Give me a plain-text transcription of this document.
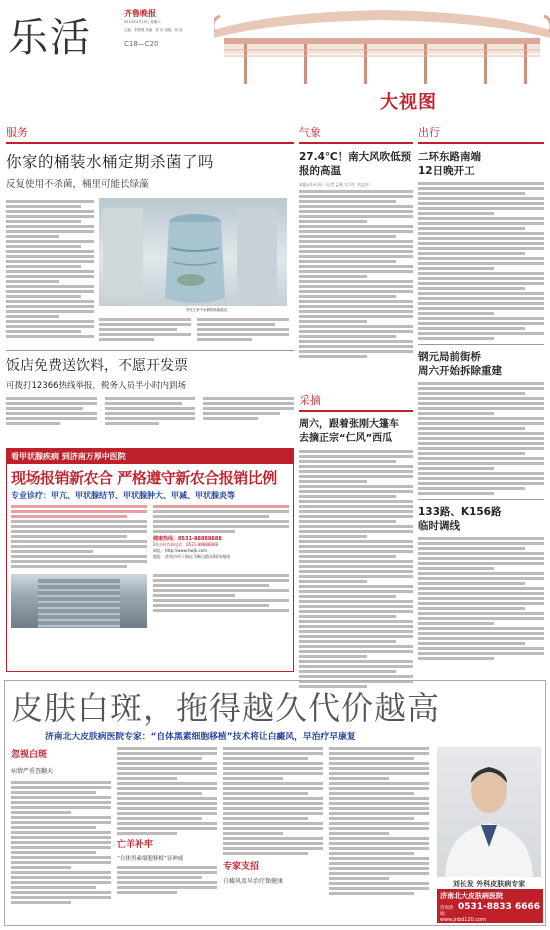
乐活
齐鲁晚报
2010年4月10日 星期六
主编：李建强 美编：张 东 组版：孙 茹
C18—C20
大视图
服务
你家的桶装水桶定期杀菌了吗
反复使用不杀菌，桶里可能长绿藻
李先生家中水桶的绿藻痕迹。
饭店免费送饮料，不愿开发票
可拨打12366热线举报，税务人员半小时内到场
看甲状腺疾病 到济南万厚中医院
现场报销新农合 严格遵守新农合报销比例
专业诊疗：甲亢、甲状腺结节、甲状腺肿大、甲减、甲状腺炎等
健康热线：0531-88888888
24小时咨询电话：0531-88888888
网址：http://www.hwjk.com
地址：济南市经十路近马鞍山路东50米路南
气象
27.4℃！南大风吹低预报的高温
本报4月9日讯（记者 孟燕 实习生 刘文杰）
采摘
周六，跟着张刚大篷车
去摘正宗“仁风”西瓜
出行
二环东路南端
12日晚开工
钢元局前街桥
周六开始拆除重建
133路、K156路
临时调线
皮肤白斑，拖得越久代价越高
济南北大皮肤病医院专家：“自体黑素细胞移植”技术将让白癜风，早治疗早康复
忽视白斑
病情严重查翻天
亡羊补牢
“自体黑素细胞移植”显神威
专家支招
白癜风及早治疗保健康	刘长发 外科皮肤病专家
济南北大皮肤病医院
咨询热线：
0531-8833 6666
www.jnbd120.com
